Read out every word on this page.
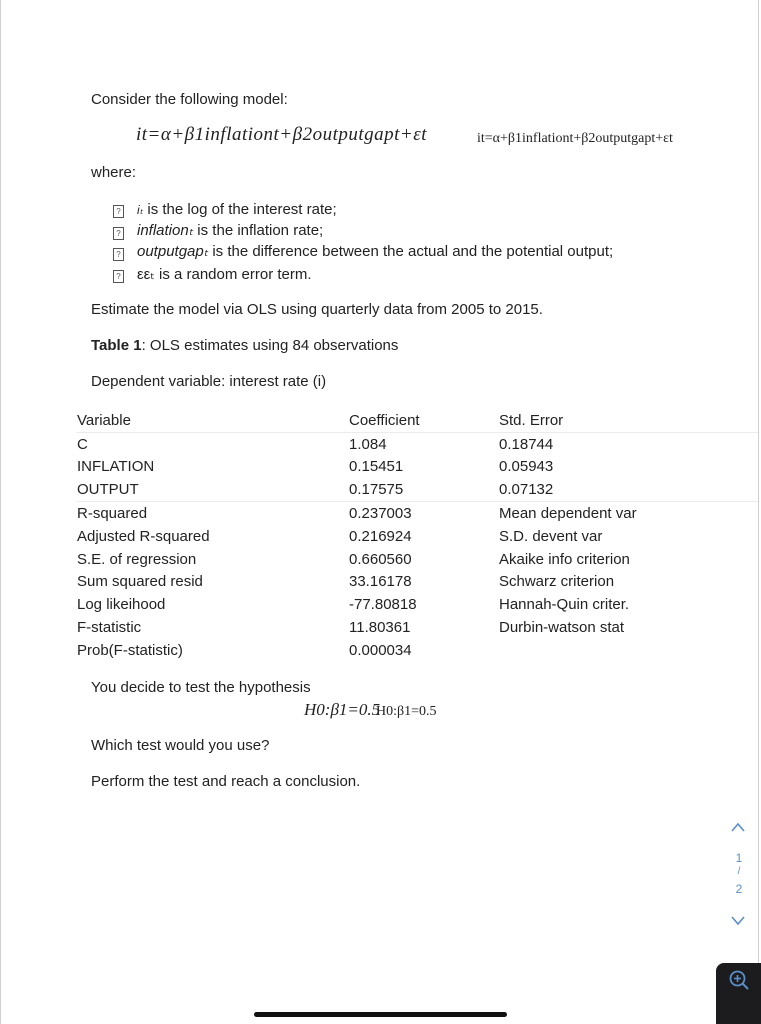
Consider the following model:
it=α+β1inflationt+β2outputgapt+εt	it=α+β1inflationt+β2outputgapt+εt
where:
? iₜ is the log of the interest rate;
? inflationₜ is the inflation rate;
? outputgapₜ is the difference between the actual and the potential output;
? εεₜ is a random error term.
Estimate the model via OLS using quarterly data from 2005 to 2015.
Table 1: OLS estimates using 84 observations
Dependent variable: interest rate (i)
Variable	Coefficient	Std. Error
C	1.084	0.18744
INFLATION	0.15451	0.05943
OUTPUT	0.17575	0.07132
R-squared	0.237003	Mean dependent var
Adjusted R-squared	0.216924	S.D. devent var
S.E. of regression	0.660560	Akaike info criterion
Sum squared resid	33.16178	Schwarz criterion
Log likeihood	-77.80818	Hannah-Quin criter.
F-statistic	11.80361	Durbin-watson stat
Prob(F-statistic)	0.000034
You decide to test the hypothesis
H0:β1=0.5
H0:β1=0.5
Which test would you use?
Perform the test and reach a conclusion.
1
/
2
